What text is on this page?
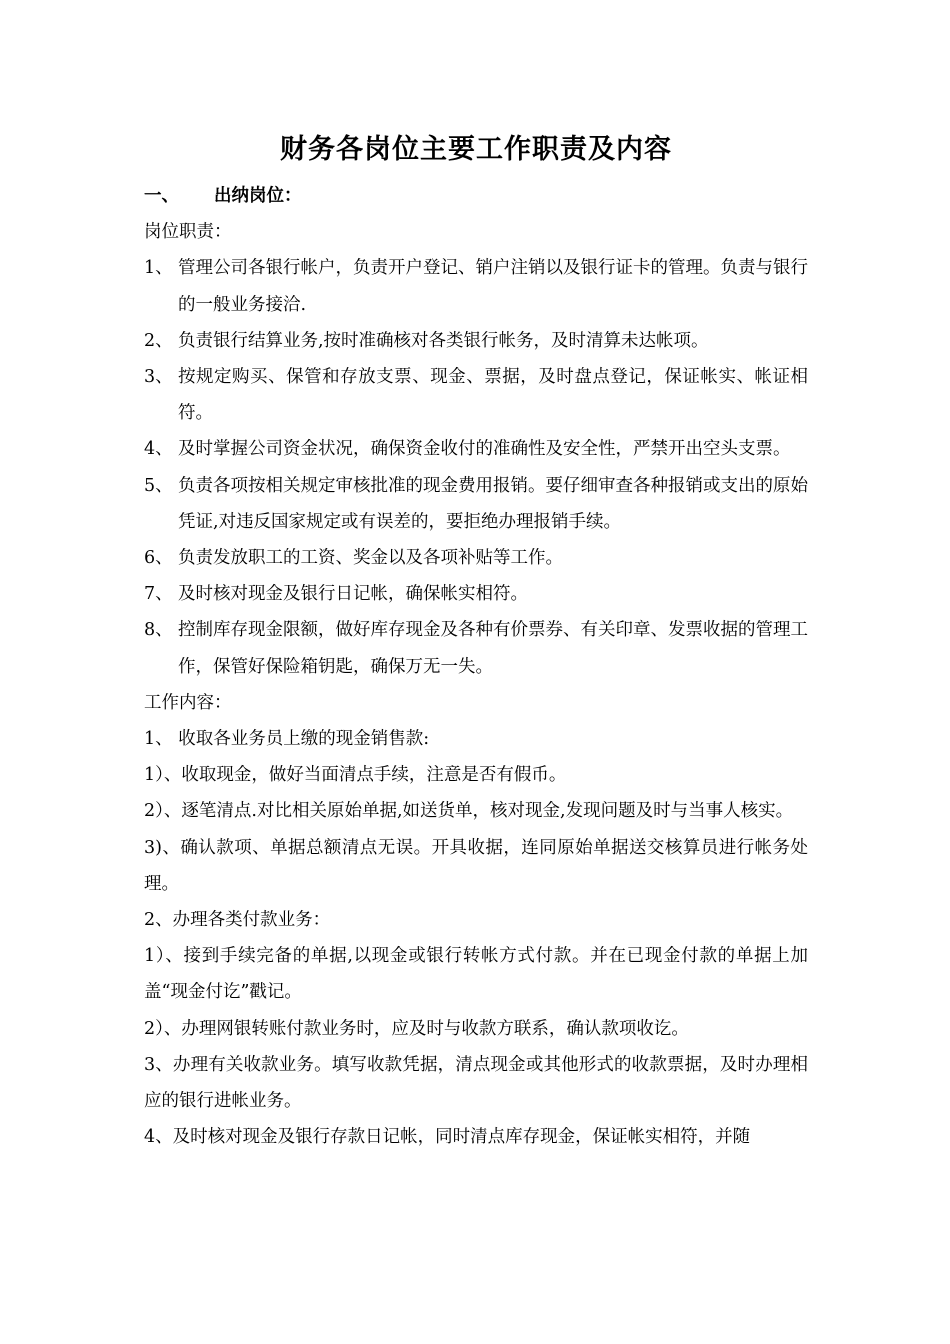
财务各岗位主要工作职责及内容
一、	出纳岗位：
岗位职责：
1、 管理公司各银行帐户，负责开户登记、销户注销以及银行证卡的管理。负责与银行的一般业务接洽.
2、 负责银行结算业务,按时准确核对各类银行帐务，及时清算未达帐项。
3、 按规定购买、保管和存放支票、现金、票据，及时盘点登记，保证帐实、帐证相符。
4、 及时掌握公司资金状况，确保资金收付的准确性及安全性，严禁开出空头支票。
5、 负责各项按相关规定审核批准的现金费用报销。要仔细审查各种报销或支出的原始凭证,对违反国家规定或有误差的，要拒绝办理报销手续。
6、 负责发放职工的工资、奖金以及各项补贴等工作。
7、 及时核对现金及银行日记帐，确保帐实相符。
8、 控制库存现金限额，做好库存现金及各种有价票券、有关印章、发票收据的管理工作，保管好保险箱钥匙，确保万无一失。
工作内容：
1、 收取各业务员上缴的现金销售款:
1）、收取现金，做好当面清点手续，注意是否有假币。
2）、逐笔清点.对比相关原始单据,如送货单，核对现金,发现问题及时与当事人核实。
3)、确认款项、单据总额清点无误。开具收据，连同原始单据送交核算员进行帐务处理。
2、办理各类付款业务：
1）、接到手续完备的单据,以现金或银行转帐方式付款。并在已现金付款的单据上加盖“现金付讫”戳记。
2）、办理网银转账付款业务时，应及时与收款方联系，确认款项收讫。
3、办理有关收款业务。填写收款凭据，清点现金或其他形式的收款票据，及时办理相应的银行进帐业务。
4、及时核对现金及银行存款日记帐，同时清点库存现金，保证帐实相符，并随
